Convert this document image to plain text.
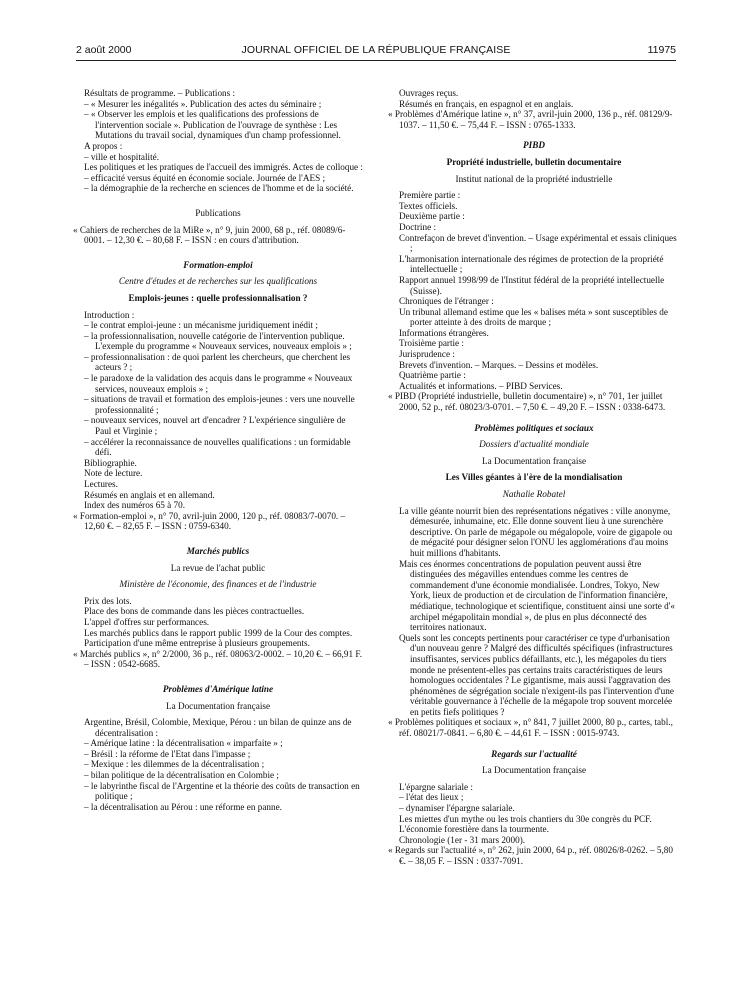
2 août 2000	JOURNAL OFFICIEL DE LA RÉPUBLIQUE FRANÇAISE	11975

Résultats de programme. – Publications :

– « Mesurer les inégalités ». Publication des actes du séminaire ;

– « Observer les emplois et les qualifications des professions de l'intervention sociale ». Publication de l'ouvrage de synthèse : Les Mutations du travail social, dynamiques d'un champ professionnel.

A propos :

– ville et hospitalité.

Les politiques et les pratiques de l'accueil des immigrés. Actes de colloque :

– efficacité versus équité en économie sociale. Journée de l'AES ;

– la démographie de la recherche en sciences de l'homme et de la société.

Publications

« Cahiers de recherches de la MiRe », n° 9, juin 2000, 68 p., réf. 08089/6-0001. – 12,30 €. – 80,68 F. – ISSN : en cours d'attribution.

Formation-emploi

Centre d'études et de recherches sur les qualifications

Emplois-jeunes : quelle professionnalisation ?

Introduction :

– le contrat emploi-jeune : un mécanisme juridiquement inédit ;

– la professionnalisation, nouvelle catégorie de l'intervention publique. L'exemple du programme « Nouveaux services, nouveaux emplois » ;

– professionnalisation : de quoi parlent les chercheurs, que cherchent les acteurs ? ;

– le paradoxe de la validation des acquis dans le programme « Nouveaux services, nouveaux emplois » ;

– situations de travail et formation des emplois-jeunes : vers une nouvelle professionnalité ;

– nouveaux services, nouvel art d'encadrer ? L'expérience singulière de Paul et Virginie ;

– accélérer la reconnaissance de nouvelles qualifications : un formidable défi.

Bibliographie.

Note de lecture.

Lectures.

Résumés en anglais et en allemand.

Index des numéros 65 à 70.

« Formation-emploi », n° 70, avril-juin 2000, 120 p., réf. 08083/7-0070. – 12,60 €. – 82,65 F. – ISSN : 0759-6340.

Marchés publics

La revue de l'achat public

Ministère de l'économie, des finances et de l'industrie

Prix des lots.

Place des bons de commande dans les pièces contractuelles.

L'appel d'offres sur performances.

Les marchés publics dans le rapport public 1999 de la Cour des comptes.

Participation d'une même entreprise à plusieurs groupements.

« Marchés publics », n° 2/2000, 36 p., réf. 08063/2-0002. – 10,20 €. – 66,91 F. – ISSN : 0542-6685.

Problèmes d'Amérique latine

La Documentation française

Argentine, Brésil, Colombie, Mexique, Pérou : un bilan de quinze ans de décentralisation :

– Amérique latine : la décentralisation « imparfaite » ;

– Brésil : la réforme de l'Etat dans l'impasse ;

– Mexique : les dilemmes de la décentralisation ;

– bilan politique de la décentralisation en Colombie ;

– le labyrinthe fiscal de l'Argentine et la théorie des coûts de transaction en politique ;

– la décentralisation au Pérou : une réforme en panne.

Ouvrages reçus.

Résumés en français, en espagnol et en anglais.

« Problèmes d'Amérique latine », n° 37, avril-juin 2000, 136 p., réf. 08129/9-1037. – 11,50 €. – 75,44 F. – ISSN : 0765-1333.

PIBD

Propriété industrielle, bulletin documentaire

Institut national de la propriété industrielle

Première partie :

Textes officiels.

Deuxième partie :

Doctrine :

Contrefaçon de brevet d'invention. – Usage expérimental et essais cliniques ;

L'harmonisation internationale des régimes de protection de la propriété intellectuelle ;

Rapport annuel 1998/99 de l'Institut fédéral de la propriété intellectuelle (Suisse).

Chroniques de l'étranger :

Un tribunal allemand estime que les « balises méta » sont susceptibles de porter atteinte à des droits de marque ;

Informations étrangères.

Troisième partie :

Jurisprudence :

Brevets d'invention. – Marques. – Dessins et modèles.

Quatrième partie :

Actualités et informations. – PIBD Services.

« PIBD (Propriété industrielle, bulletin documentaire) », n° 701, 1er juillet 2000, 52 p., réf. 08023/3-0701. – 7,50 €. – 49,20 F. – ISSN : 0338-6473.

Problèmes politiques et sociaux

Dossiers d'actualité mondiale

La Documentation française

Les Villes géantes à l'ère de la mondialisation

Nathalie Robatel

La ville géante nourrit bien des représentations négatives : ville anonyme, démesurée, inhumaine, etc. Elle donne souvent lieu à une surenchère descriptive. On parle de mégapole ou mégalopole, voire de gigapole ou de mégacité pour désigner selon l'ONU les agglomérations d'au moins huit millions d'habitants.

Mais ces énormes concentrations de population peuvent aussi être distinguées des mégavilles entendues comme les centres de commandement d'une économie mondialisée. Londres, Tokyo, New York, lieux de production et de circulation de l'information financière, médiatique, technologique et scientifique, constituent ainsi une sorte d'« archipel mégapolitain mondial », de plus en plus déconnecté des territoires nationaux.

Quels sont les concepts pertinents pour caractériser ce type d'urbanisation d'un nouveau genre ? Malgré des difficultés spécifiques (infrastructures insuffisantes, services publics défaillants, etc.), les mégapoles du tiers monde ne présentent-elles pas certains traits caractéristiques de leurs homologues occidentales ? Le gigantisme, mais aussi l'aggravation des phénomènes de ségrégation sociale n'exigent-ils pas l'intervention d'une véritable gouvernance à l'échelle de la mégapole trop souvent morcelée en petits fiefs politiques ?

« Problèmes politiques et sociaux », n° 841, 7 juillet 2000, 80 p., cartes, tabl., réf. 08021/7-0841. – 6,80 €. – 44,61 F. – ISSN : 0015-9743.

Regards sur l'actualité

La Documentation française

L'épargne salariale :

– l'état des lieux ;

– dynamiser l'épargne salariale.

Les miettes d'un mythe ou les trois chantiers du 30e congrès du PCF.

L'économie forestière dans la tourmente.

Chronologie (1er - 31 mars 2000).

« Regards sur l'actualité », n° 262, juin 2000, 64 p., réf. 08026/8-0262. – 5,80 €. – 38,05 F. – ISSN : 0337-7091.
